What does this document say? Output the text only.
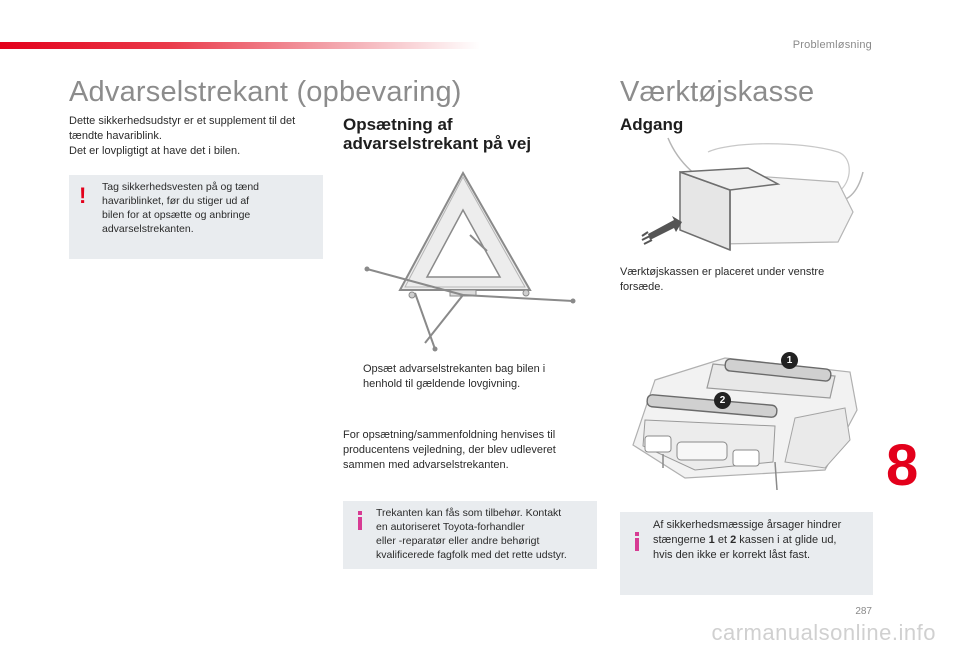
Problemløsning
Advarselstrekant (opbevaring)
Dette sikkerhedsudstyr er et supplement til det
tændte havariblink.
Det er lovpligtigt at have det i bilen.
! Tag sikkerhedsvesten på og tænd
havariblinket, før du stiger ud af
bilen for at opsætte og anbringe
advarselstrekanten.
Opsætning af
advarselstrekant på vej
Opsæt advarselstrekanten bag bilen i
henhold til gældende lovgivning.
For opsætning/sammenfoldning henvises til
producentens vejledning, der blev udleveret
sammen med advarselstrekanten.
Trekanten kan fås som tilbehør. Kontakt
en autoriseret Toyota-forhandler
eller -reparatør eller andre behørigt
kvalificerede fagfolk med det rette udstyr.
Værktøjskasse
Adgang
Værktøjskassen er placeret under venstre
forsæde.
1
2
Af sikkerhedsmæssige årsager hindrer
stængerne 1 et 2 kassen i at glide ud,
hvis den ikke er korrekt låst fast.
8
287
carmanualsonline.info
